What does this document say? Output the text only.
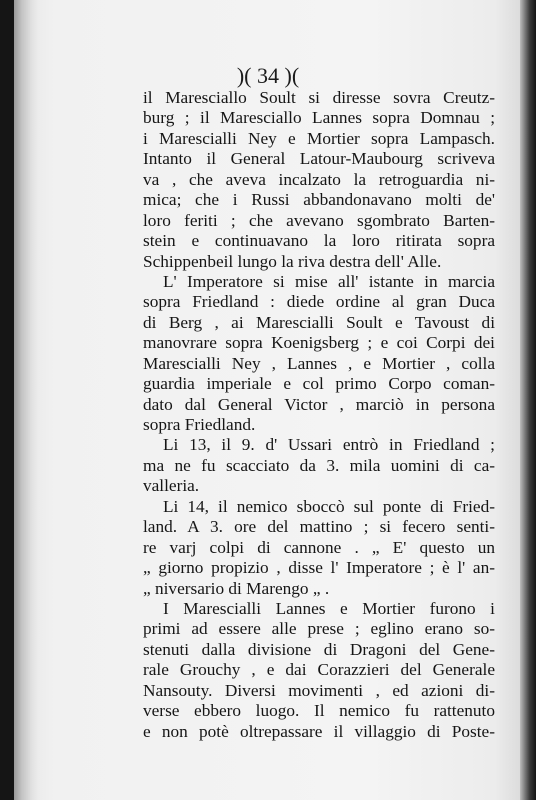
)( 34 )(
il Maresciallo Soult si diresse sovra Creutz-
burg ; il Maresciallo Lannes sopra Domnau ;
i Marescialli Ney e Mortier sopra Lampasch.
Intanto il General Latour-Maubourg scriveva
va , che aveva incalzato la retroguardia ni-
mica; che i Russi abbandonavano molti de'
loro feriti ; che avevano sgombrato Barten-
stein e continuavano la loro ritirata sopra
Schippenbeil lungo la riva destra dell' Alle.
L' Imperatore si mise all' istante in marcia
sopra Friedland : diede ordine al gran Duca
di Berg , ai Marescialli Soult e Tavoust di
manovrare sopra Koenigsberg ; e coi Corpi dei
Marescialli Ney , Lannes , e Mortier , colla
guardia imperiale e col primo Corpo coman-
dato dal General Victor , marciò in persona
sopra Friedland.
Li 13, il 9. d' Ussari entrò in Friedland ;
ma ne fu scacciato da 3. mila uomini di ca-
valleria.
Li 14, il nemico sboccò sul ponte di Fried-
land. A 3. ore del mattino ; si fecero senti-
re varj colpi di cannone . „ E' questo un
„ giorno propizio , disse l' Imperatore ; è l' an-
„ niversario di Marengo „ .
I Marescialli Lannes e Mortier furono i
primi ad essere alle prese ; eglino erano so-
stenuti dalla divisione di Dragoni del Gene-
rale Grouchy , e dai Corazzieri del Generale
Nansouty. Diversi movimenti , ed azioni di-
verse ebbero luogo. Il nemico fu rattenuto
e non potè oltrepassare il villaggio di Poste-
